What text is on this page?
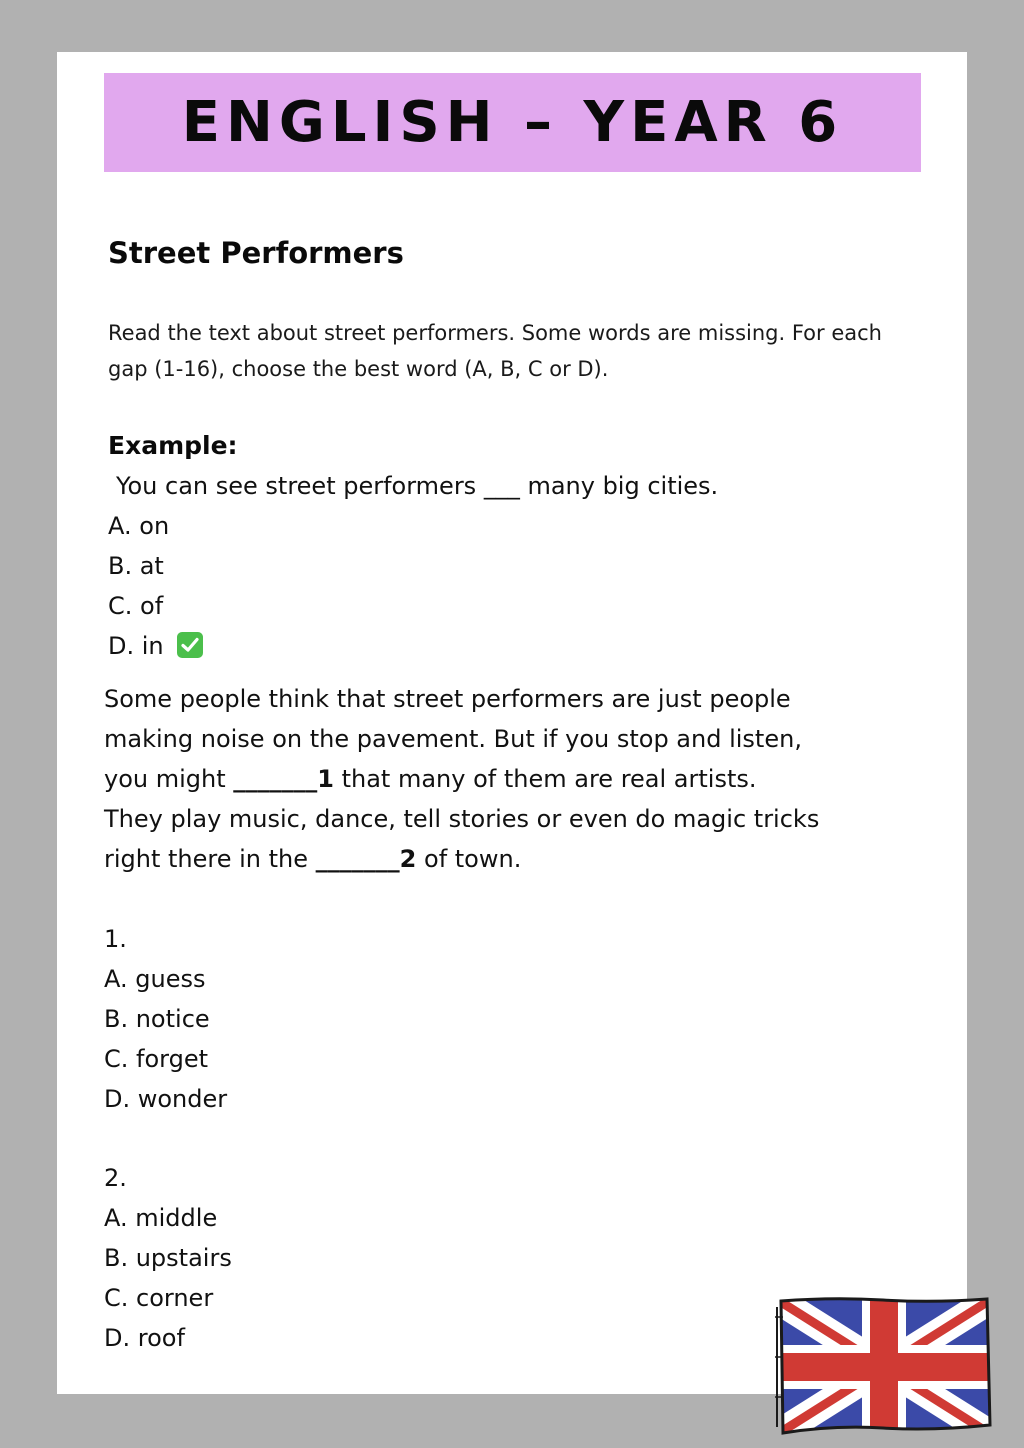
ENGLISH – YEAR 6
Street Performers
Read the text about street performers. Some words are missing. For each
gap (1-16), choose the best word (A, B, C or D).
Example:
You can see street performers ___ many big cities.
A. on
B. at
C. of
D. in
Some people think that street performers are just people
making noise on the pavement. But if you stop and listen,
you might _______1 that many of them are real artists.
They play music, dance, tell stories or even do magic tricks
right there in the _______2 of town.
1.
A. guess
B. notice
C. forget
D. wonder
2.
A. middle
B. upstairs
C. corner
D. roof
